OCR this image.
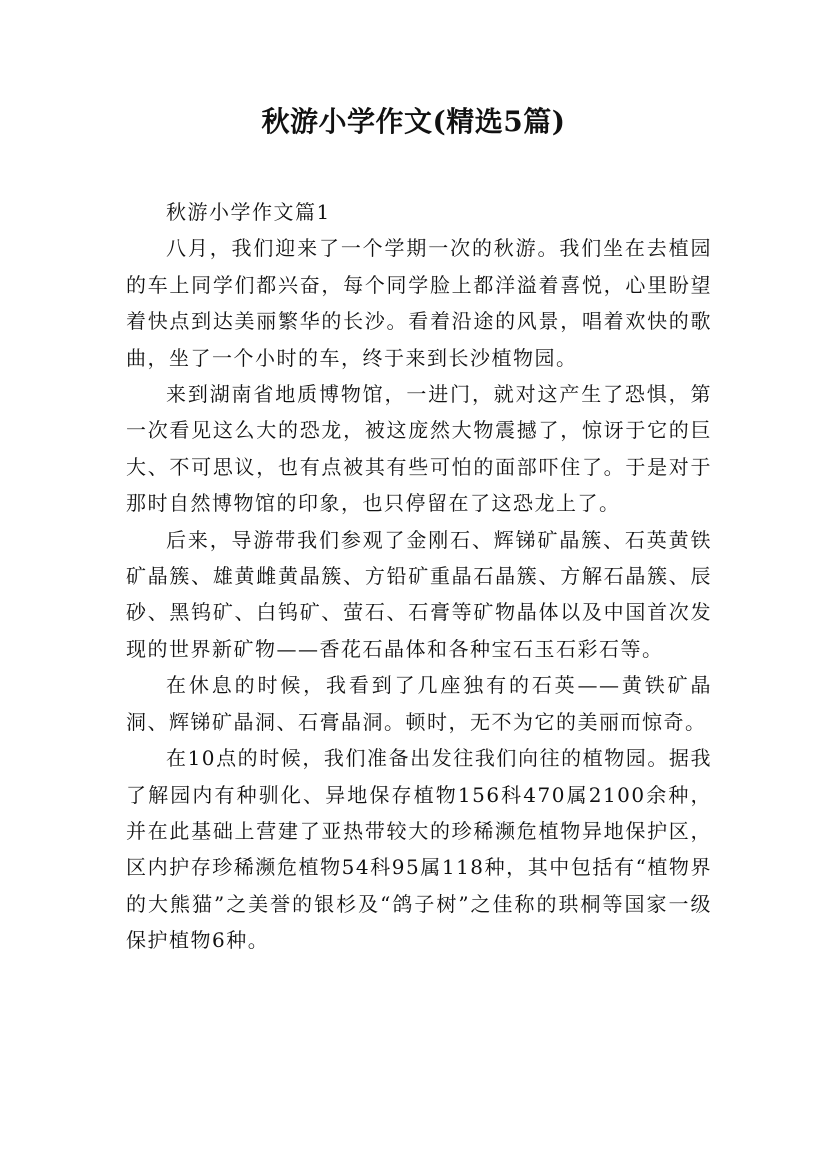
秋游小学作文(精选5篇)

秋游小学作文篇1

八月，我们迎来了一个学期一次的秋游。我们坐在去植园的车上同学们都兴奋，每个同学脸上都洋溢着喜悦，心里盼望着快点到达美丽繁华的长沙。看着沿途的风景，唱着欢快的歌曲，坐了一个小时的车，终于来到长沙植物园。

来到湖南省地质博物馆，一进门，就对这产生了恐惧，第一次看见这么大的恐龙，被这庞然大物震撼了，惊讶于它的巨大、不可思议，也有点被其有些可怕的面部吓住了。于是对于那时自然博物馆的印象，也只停留在了这恐龙上了。

后来，导游带我们参观了金刚石、辉锑矿晶簇、石英黄铁矿晶簇、雄黄雌黄晶簇、方铅矿重晶石晶簇、方解石晶簇、辰砂、黑钨矿、白钨矿、萤石、石膏等矿物晶体以及中国首次发现的世界新矿物——香花石晶体和各种宝石玉石彩石等。

在休息的时候，我看到了几座独有的石英——黄铁矿晶洞、辉锑矿晶洞、石膏晶洞。顿时，无不为它的美丽而惊奇。

在10点的时候，我们准备出发往我们向往的植物园。据我了解园内有种驯化、异地保存植物156科470属2100余种，并在此基础上营建了亚热带较大的珍稀濒危植物异地保护区，区内护存珍稀濒危植物54科95属118种，其中包括有“植物界的大熊猫”之美誉的银杉及“鸽子树”之佳称的珙桐等国家一级保护植物6种。
